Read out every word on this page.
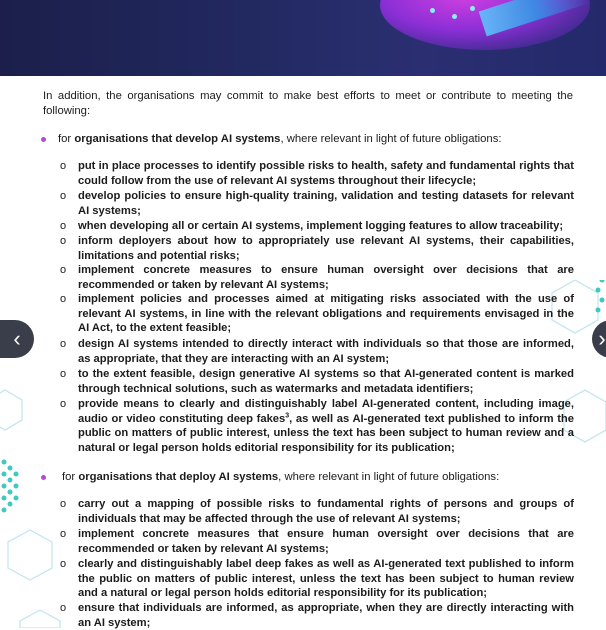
‹	›
In addition, the organisations may commit to make best efforts to meet or contribute to meeting the following:
for organisations that develop AI systems, where relevant in light of future obligations:
o put in place processes to identify possible risks to health, safety and fundamental rights that could follow from the use of relevant AI systems throughout their lifecycle;
o develop policies to ensure high-quality training, validation and testing datasets for relevant AI systems;
o when developing all or certain AI systems, implement logging features to allow traceability;
o inform deployers about how to appropriately use relevant AI systems, their capabilities, limitations and potential risks;
o implement concrete measures to ensure human oversight over decisions that are recommended or taken by relevant AI systems;
o implement policies and processes aimed at mitigating risks associated with the use of relevant AI systems, in line with the relevant obligations and requirements envisaged in the AI Act, to the extent feasible;
o design AI systems intended to directly interact with individuals so that those are informed, as appropriate, that they are interacting with an AI system;
o to the extent feasible, design generative AI systems so that AI-generated content is marked through technical solutions, such as watermarks and metadata identifiers;
o provide means to clearly and distinguishably label AI-generated content, including image, audio or video constituting deep fakes$^3$, as well as AI-generated text published to inform the public on matters of public interest, unless the text has been subject to human review and a natural or legal person holds editorial responsibility for its publication;
for organisations that deploy AI systems, where relevant in light of future obligations:
o carry out a mapping of possible risks to fundamental rights of persons and groups of individuals that may be affected through the use of relevant AI systems;
o implement concrete measures that ensure human oversight over decisions that are recommended or taken by relevant AI systems;
o clearly and distinguishably label deep fakes as well as AI-generated text published to inform the public on matters of public interest, unless the text has been subject to human review and a natural or legal person holds editorial responsibility for its publication;
o ensure that individuals are informed, as appropriate, when they are directly interacting with an AI system;
